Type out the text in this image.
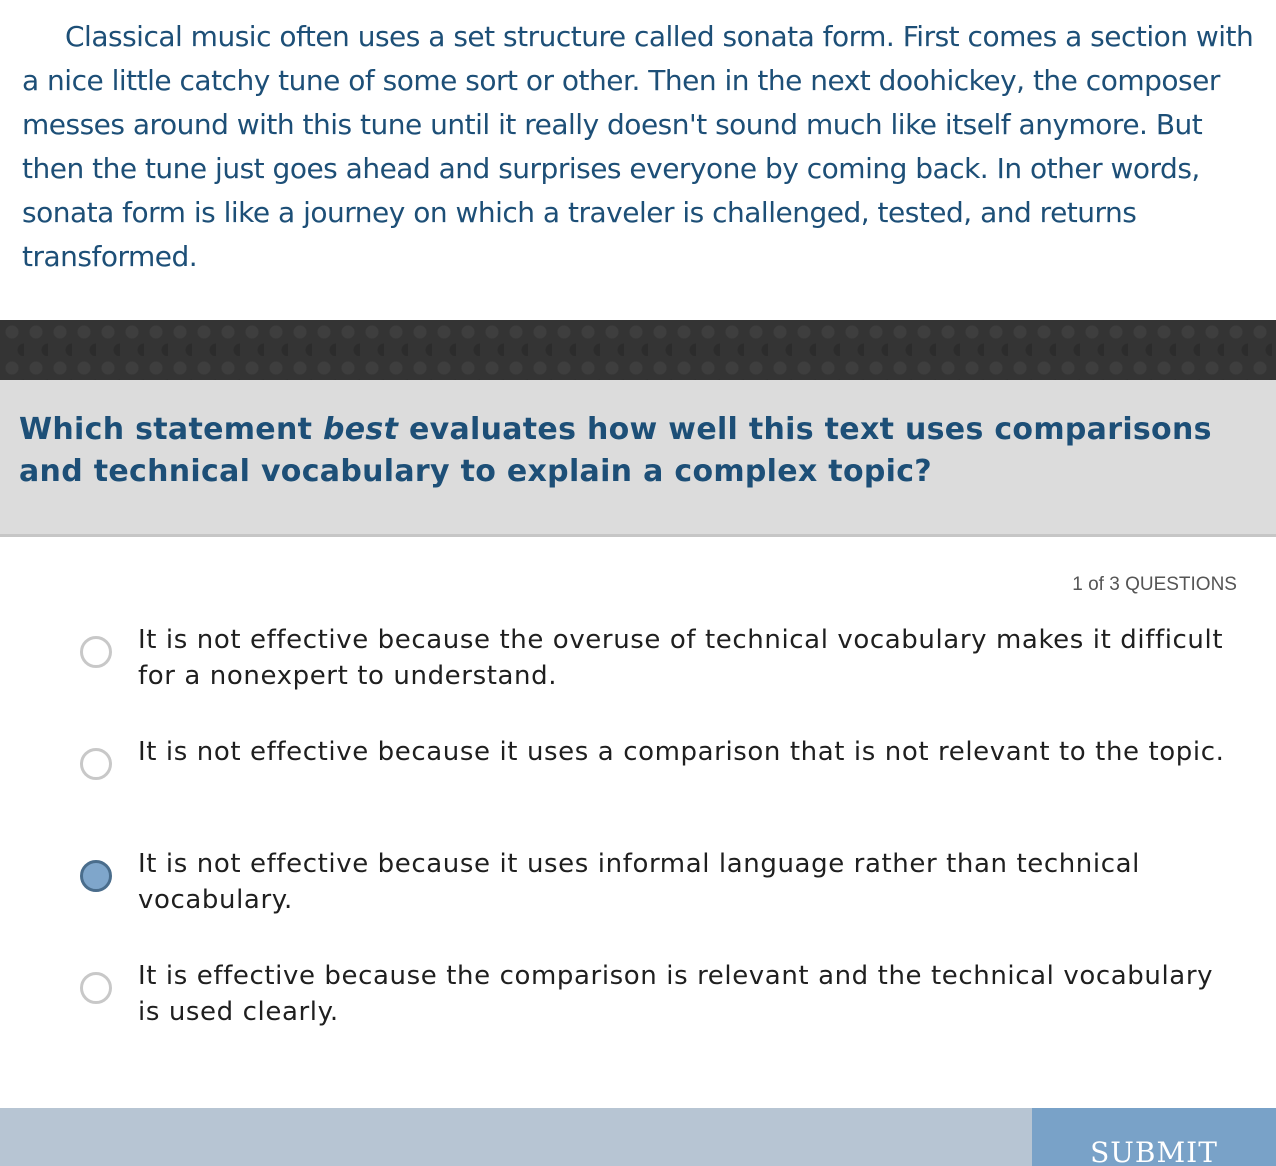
Classical music often uses a set structure called sonata form. First comes a section with a nice little catchy tune of some sort or other. Then in the next doohickey, the composer messes around with this tune until it really doesn't sound much like itself anymore. But then the tune just goes ahead and surprises everyone by coming back. In other words, sonata form is like a journey on which a traveler is challenged, tested, and returns transformed.

Which statement best evaluates how well this text uses comparisons and technical vocabulary to explain a complex topic?

1 of 3 QUESTIONS
It is not effective because the overuse of technical vocabulary makes it difficult for a nonexpert to understand.
It is not effective because it uses a comparison that is not relevant to the topic.
It is not effective because it uses informal language rather than technical vocabulary.
It is effective because the comparison is relevant and the technical vocabulary is used clearly.
SUBMIT
